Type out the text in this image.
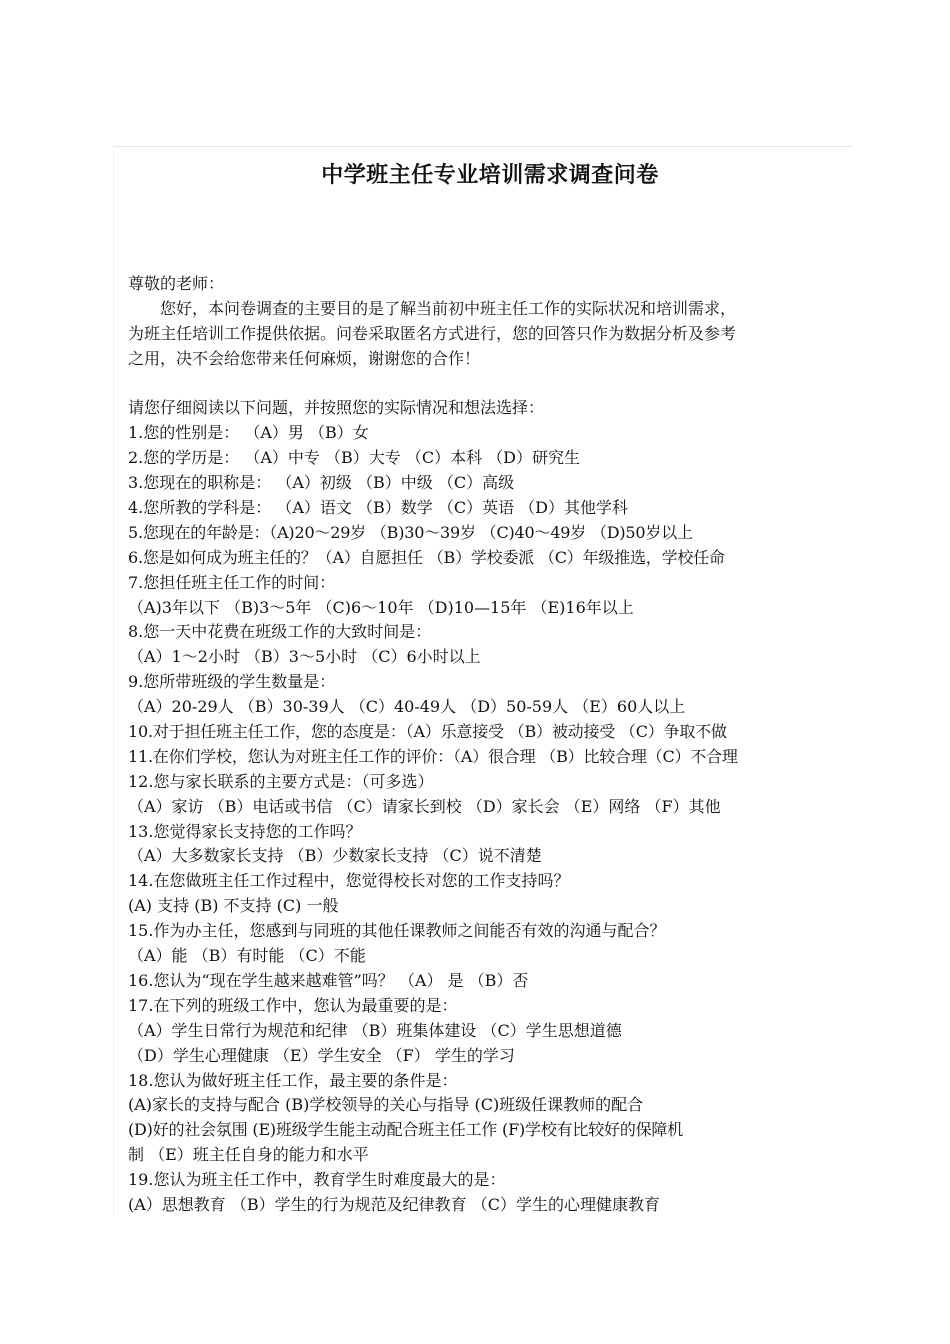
中学班主任专业培训需求调查问卷
尊敬的老师：
您好，本问卷调查的主要目的是了解当前初中班主任工作的实际状况和培训需求，
为班主任培训工作提供依据。问卷采取匿名方式进行，您的回答只作为数据分析及参考
之用，决不会给您带来任何麻烦，谢谢您的合作！
请您仔细阅读以下问题，并按照您的实际情况和想法选择：
1.您的性别是： （A）男 （B）女
2.您的学历是： （A）中专 （B）大专 （C）本科 （D）研究生
3.您现在的职称是： （A）初级 （B）中级 （C）高级
4.您所教的学科是： （A）语文 （B）数学 （C）英语 （D）其他学科
5.您现在的年龄是：（A)20～29岁 （B)30～39岁 （C)40～49岁 （D)50岁以上
6.您是如何成为班主任的？（A）自愿担任 （B）学校委派 （C）年级推选，学校任命
7.您担任班主任工作的时间：
（A)3年以下 （B)3～5年 （C)6～10年 （D)10—15年 （E)16年以上
8.您一天中花费在班级工作的大致时间是：
（A）1～2小时 （B）3～5小时 （C）6小时以上
9.您所带班级的学生数量是：
（A）20-29人 （B）30-39人 （C）40-49人 （D）50-59人 （E）60人以上
10.对于担任班主任工作，您的态度是：（A）乐意接受 （B）被动接受 （C）争取不做
11.在你们学校，您认为对班主任工作的评价：（A）很合理 （B）比较合理（C）不合理
12.您与家长联系的主要方式是：（可多选）
（A）家访 （B）电话或书信 （C）请家长到校 （D）家长会 （E）网络 （F）其他
13.您觉得家长支持您的工作吗？
（A）大多数家长支持 （B）少数家长支持 （C）说不清楚
14.在您做班主任工作过程中，您觉得校长对您的工作支持吗？
(A) 支持 (B) 不支持 (C) 一般
15.作为办主任，您感到与同班的其他任课教师之间能否有效的沟通与配合？
（A）能 （B）有时能 （C）不能
16.您认为“现在学生越来越难管”吗？ （A） 是 （B）否
17.在下列的班级工作中，您认为最重要的是：
（A）学生日常行为规范和纪律 （B）班集体建设 （C）学生思想道德
（D）学生心理健康 （E）学生安全 （F） 学生的学习
18.您认为做好班主任工作，最主要的条件是：
(A)家长的支持与配合 (B)学校领导的关心与指导 (C)班级任课教师的配合
(D)好的社会氛围 (E)班级学生能主动配合班主任工作 (F)学校有比较好的保障机
制 （E）班主任自身的能力和水平
19.您认为班主任工作中，教育学生时难度最大的是：
(A）思想教育 （B）学生的行为规范及纪律教育 （C）学生的心理健康教育
